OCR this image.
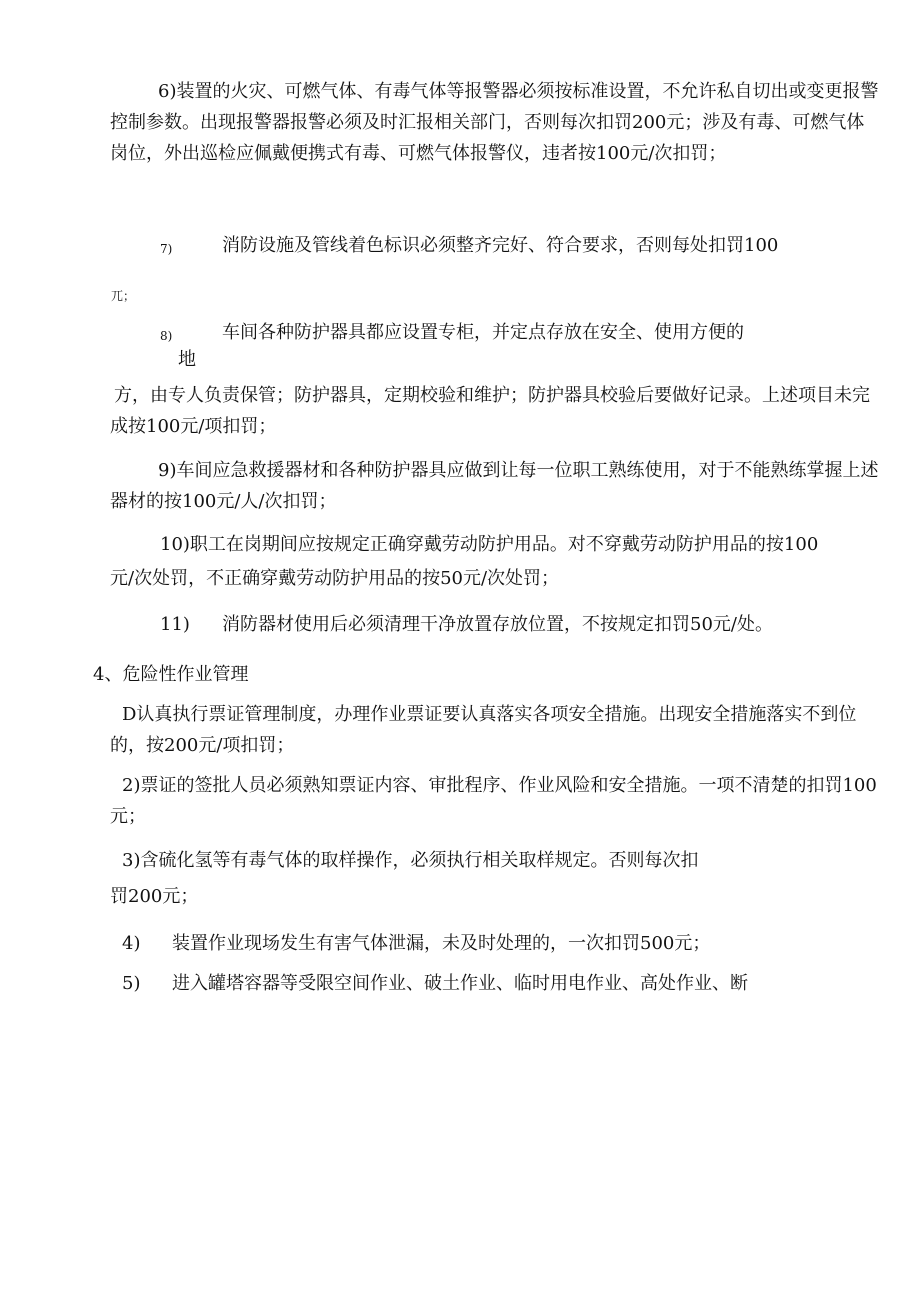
6)装置的火灾、可燃气体、有毒气体等报警器必须按标准设置，不允许私自切出或变更报警控制参数。出现报警器报警必须及时汇报相关部门，否则每次扣罚200元；涉及有毒、可燃气体岗位，外出巡检应佩戴便携式有毒、可燃气体报警仪，违者按100元/次扣罚；
7)	消防设施及管线着色标识必须整齐完好、符合要求，否则每处扣罚100
兀；
8)	车间各种防护器具都应设置专柜，并定点存放在安全、使用方便的
地
方，由专人负责保管；防护器具，定期校验和维护；防护器具校验后要做好记录。上述项目未完成按100元/项扣罚；
9)车间应急救援器材和各种防护器具应做到让每一位职工熟练使用，对于不能熟练掌握上述器材的按100元/人/次扣罚；
10)职工在岗期间应按规定正确穿戴劳动防护用品。对不穿戴劳动防护用品的按100
元/次处罚，不正确穿戴劳动防护用品的按50元/次处罚；
11) 消防器材使用后必须清理干净放置存放位置，不按规定扣罚50元/处。
4、危险性作业管理
D认真执行票证管理制度，办理作业票证要认真落实各项安全措施。出现安全措施落实不到位的，按200元/项扣罚；
2)票证的签批人员必须熟知票证内容、审批程序、作业风险和安全措施。一项不清楚的扣罚100元；
3)含硫化氢等有毒气体的取样操作，必须执行相关取样规定。否则每次扣
罚200元；
4) 装置作业现场发生有害气体泄漏，未及时处理的，一次扣罚500元；
5) 进入罐塔容器等受限空间作业、破土作业、临时用电作业、高处作业、断
